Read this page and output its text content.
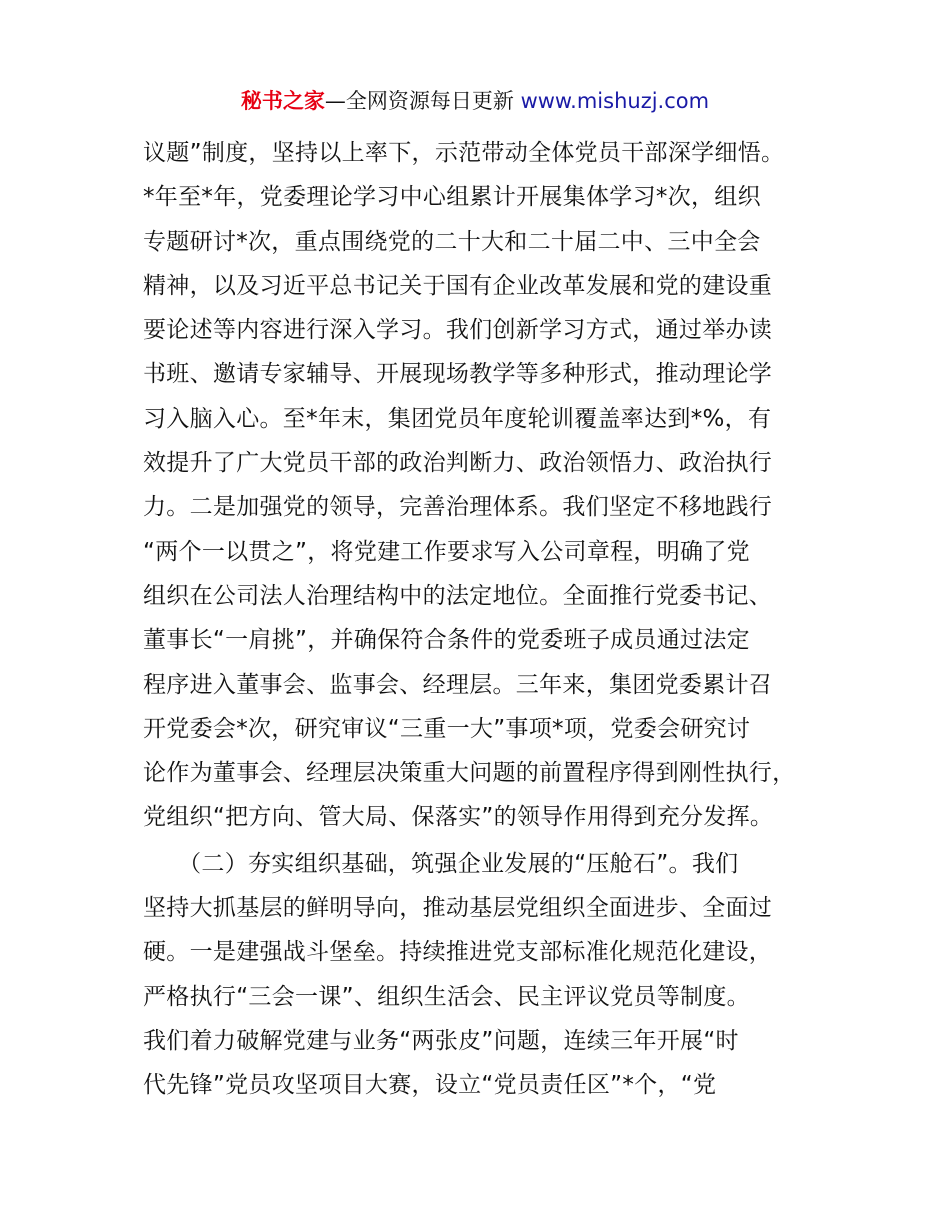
秘书之家—全网资源每日更新 www.mishuzj.com
议题”制度，坚持以上率下，示范带动全体党员干部深学细悟。
*年至*年，党委理论学习中心组累计开展集体学习*次，组织
专题研讨*次，重点围绕党的二十大和二十届二中、三中全会
精神，以及习近平总书记关于国有企业改革发展和党的建设重
要论述等内容进行深入学习。我们创新学习方式，通过举办读
书班、邀请专家辅导、开展现场教学等多种形式，推动理论学
习入脑入心。至*年末，集团党员年度轮训覆盖率达到*%，有
效提升了广大党员干部的政治判断力、政治领悟力、政治执行
力。二是加强党的领导，完善治理体系。我们坚定不移地践行
“两个一以贯之”，将党建工作要求写入公司章程，明确了党
组织在公司法人治理结构中的法定地位。全面推行党委书记、
董事长“一肩挑”，并确保符合条件的党委班子成员通过法定
程序进入董事会、监事会、经理层。三年来，集团党委累计召
开党委会*次，研究审议“三重一大”事项*项，党委会研究讨
论作为董事会、经理层决策重大问题的前置程序得到刚性执行，
党组织“把方向、管大局、保落实”的领导作用得到充分发挥。
　　（二）夯实组织基础，筑强企业发展的“压舱石”。我们
坚持大抓基层的鲜明导向，推动基层党组织全面进步、全面过
硬。一是建强战斗堡垒。持续推进党支部标准化规范化建设，
严格执行“三会一课”、组织生活会、民主评议党员等制度。
我们着力破解党建与业务“两张皮”问题，连续三年开展“时
代先锋”党员攻坚项目大赛，设立“党员责任区”*个，“党
